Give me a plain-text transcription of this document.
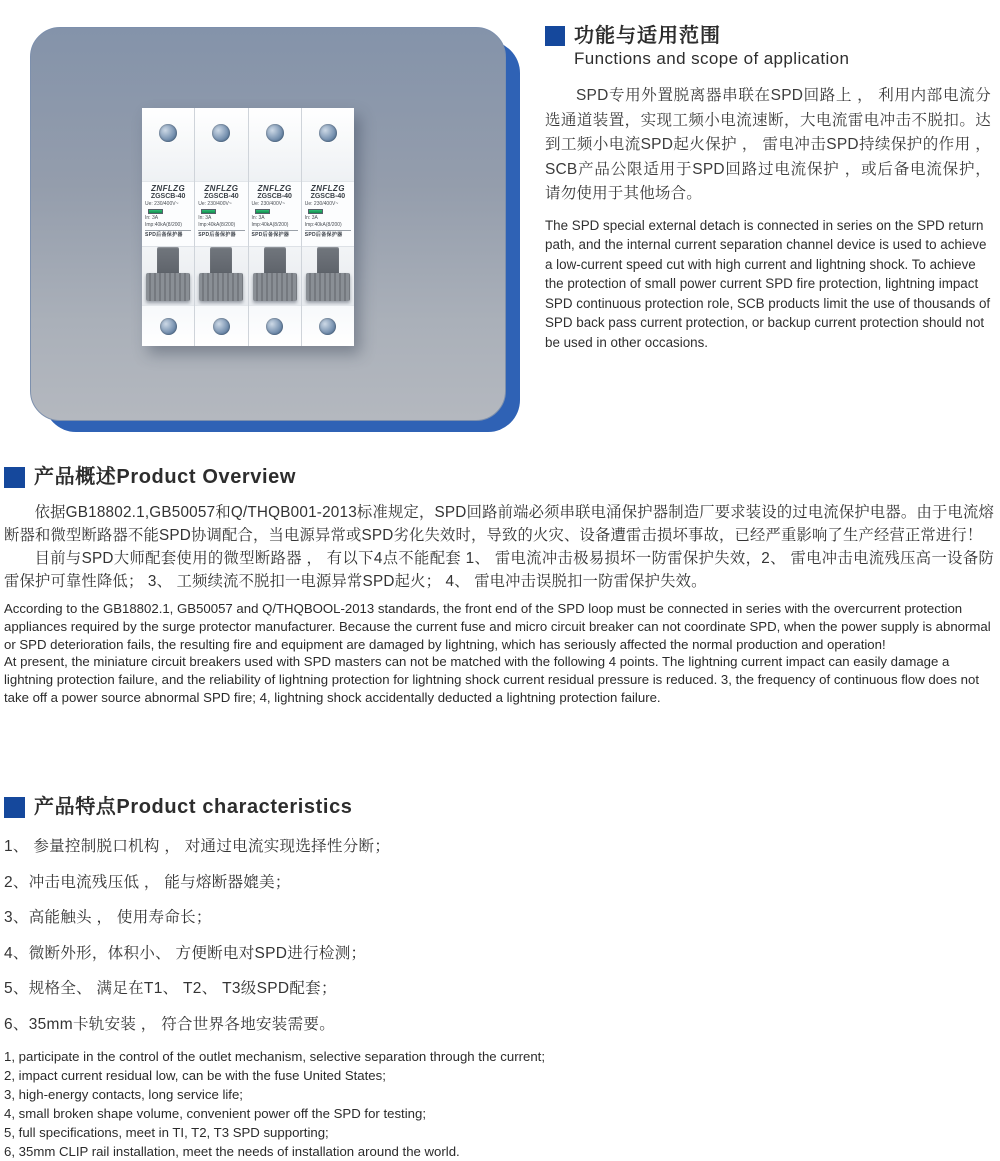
ZNFLZG
ZGSCB-40
Ue: 230/400V~
In: 3A
Imp:40kA(8/200)
SPD后备保护器
ZNFLZG
ZGSCB-40
Ue: 230/400V~
In: 3A
Imp:40kA(8/200)
SPD后备保护器
ZNFLZG
ZGSCB-40
Ue: 230/400V~
In: 3A
Imp:40kA(8/200)
SPD后备保护器
ZNFLZG
ZGSCB-40
Ue: 230/400V~
In: 3A
Imp:40kA(8/200)
SPD后备保护器
功能与适用范围
Functions and scope of application

SPD专用外置脱离器串联在SPD回路上 ， 利用内部电流分选通道装置，实现工频小电流速断，大电流雷电冲击不脱扣。达到工频小电流SPD起火保护 ， 雷电冲击SPD持续保护的作用 ， SCB产品公限适用于SPD回路过电流保护 ，或后备电流保护，请勿使用于其他场合。

The SPD special external detach is connected in series on the SPD return path, and the internal current separation channel device is used to achieve a low-current speed cut with high current and lightning shock. To achieve the protection of small power current SPD fire protection, lightning impact SPD continuous protection role, SCB products limit the use of thousands of SPD back pass current protection, or backup current protection should not be used in other occasions.

产品概述Product Overview

依据GB18802.1,GB50057和Q/THQB001-2013标准规定，SPD回路前端必须串联电涌保护器制造厂要求装设的过电流保护电器。由于电流熔断器和微型断路器不能SPD协调配合，当电源异常或SPD劣化失效时，导致的火灾、设备遭雷击损坏事故，已经严重影响了生产经营正常进行！

目前与SPD大师配套使用的微型断路器 ， 有以下4点不能配套 1、 雷电流冲击极易损坏一防雷保护失效，2、 雷电冲击电流残压高一设备防雷保护可靠性降低； 3、 工频续流不脱扣一电源异常SPD起火； 4、 雷电冲击误脱扣一防雷保护失效。

According to the GB18802.1, GB50057 and Q/THQBOOL-2013 standards, the front end of the SPD loop must be connected in series with the overcurrent protection appliances required by the surge protector manufacturer. Because the current fuse and micro circuit breaker can not coordinate SPD, when the power supply is abnormal or SPD deterioration fails, the resulting fire and equipment are damaged by lightning, which has seriously affected the normal production and operation!

At present, the miniature circuit breakers used with SPD masters can not be matched with the following 4 points. The lightning current impact can easily damage a lightning protection failure, and the reliability of lightning protection for lightning shock current residual pressure is reduced. 3, the frequency of continuous flow does not take off a power source abnormal SPD fire; 4, lightning shock accidentally deducted a lightning protection failure.

产品特点Product characteristics
1、 参量控制脱口机构 ， 对通过电流实现选择性分断；
2、冲击电流残压低 ， 能与熔断器媲美；
3、高能触头 ， 使用寿命长；
4、微断外形，体积小、 方便断电对SPD进行检测；
5、规格全、 满足在T1、 T2、 T3级SPD配套；
6、35mm卡轨安装 ， 符合世界各地安装需要。
1, participate in the control of the outlet mechanism, selective separation through the current;
2, impact current residual low, can be with the fuse United States;
3, high-energy contacts, long service life;
4, small broken shape volume, convenient power off the SPD for testing;
5, full specifications, meet in TI, T2, T3 SPD supporting;
6, 35mm CLIP rail installation, meet the needs of installation around the world.
